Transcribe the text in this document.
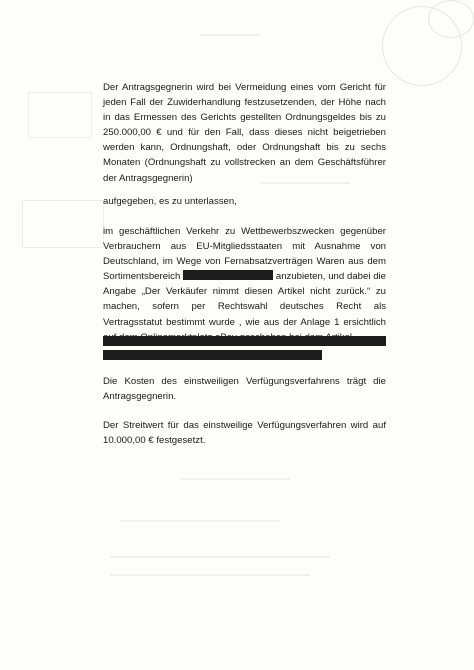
Der Antragsgegnerin wird bei Vermeidung eines vom Gericht für jeden Fall der Zuwiderhandlung festzusetzenden, der Höhe nach in das Ermessen des Gerichts gestellten Ordnungsgeldes bis zu 250.000,00 € und für den Fall, dass dieses nicht beigetrieben werden kann, Ordnungshaft, oder Ordnungshaft bis zu sechs Monaten (Ordnungshaft zu vollstrecken an dem Geschäftsführer der Antragsgegnerin)

aufgegeben, es zu unterlassen,

im geschäftlichen Verkehr zu Wettbewerbszwecken gegenüber Verbrauchern aus EU-Mitgliedsstaaten mit Ausnahme von Deutschland, im Wege von Fernabsatzverträgen Waren aus dem Sortimentsbereich	anzubieten, und dabei die Angabe „Der Verkäufer nimmt diesen Artikel nicht zurück.“ zu machen, sofern per Rechtswahl deutsches Recht als Vertragsstatut bestimmt wurde , wie aus der Anlage 1 ersichtlich

Die Kosten des einstweiligen Verfügungsverfahrens trägt die Antragsgegnerin.

Der Streitwert für das einstweilige Verfügungsverfahren wird auf 10.000,00 € festgesetzt.
